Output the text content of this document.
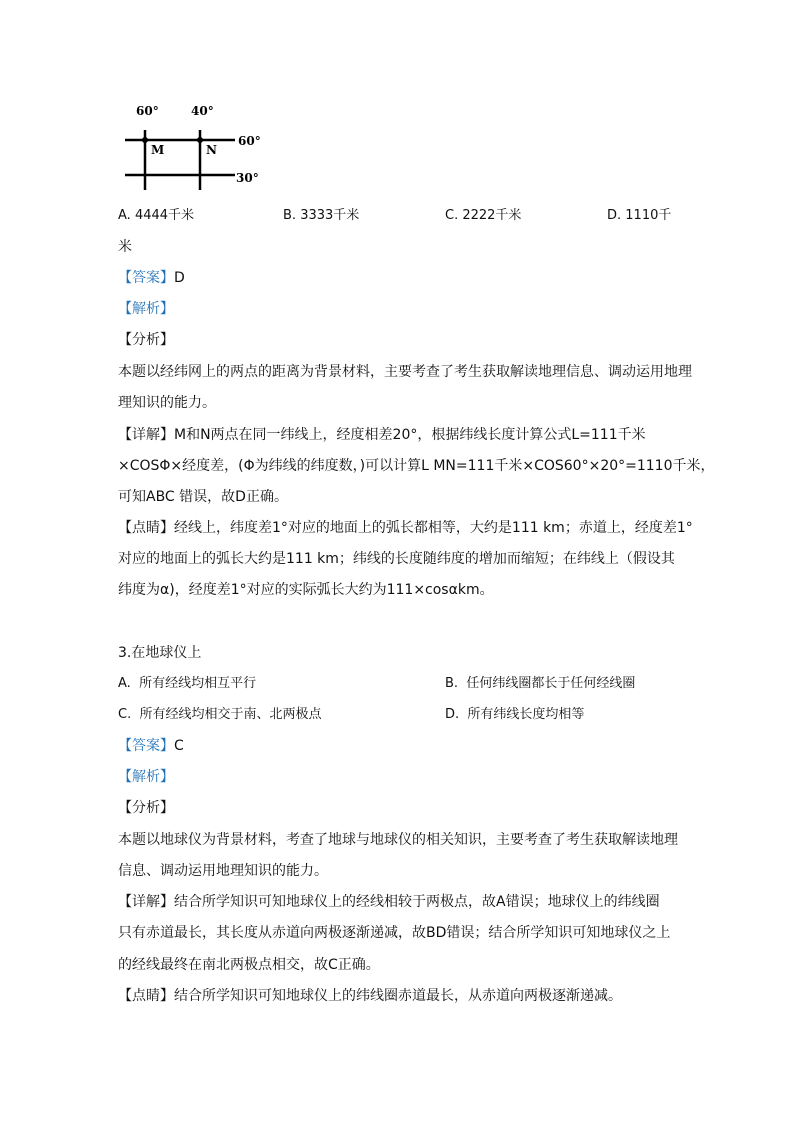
60°	40°
M	N
60°
30°
A. 4444千米	B. 3333千米	C. 2222千米	D. 1110千
米
【答案】D
【解析】
【分析】
本题以经纬网上的两点的距离为背景材料，主要考查了考生获取解读地理信息、调动运用地理
理知识的能力。
【详解】M和N两点在同一纬线上，经度相差20°，根据纬线长度计算公式L=111千米
×COSΦ×经度差，(Φ为纬线的纬度数，)可以计算L MN=111千米×COS60°×20°=1110千米，
可知ABC 错误，故D正确。
【点睛】经线上，纬度差1°对应的地面上的弧长都相等，大约是111 km；赤道上，经度差1°
对应的地面上的弧长大约是111 km；纬线的长度随纬度的增加而缩短；在纬线上（假设其
纬度为α)，经度差1°对应的实际弧长大约为111×cosαkm。
3.在地球仪上
A. 所有经线均相互平行	B. 任何纬线圈都长于任何经线圈
C. 所有经线均相交于南、北两极点	D. 所有纬线长度均相等
【答案】C
【解析】
【分析】
本题以地球仪为背景材料，考查了地球与地球仪的相关知识，主要考查了考生获取解读地理
信息、调动运用地理知识的能力。
【详解】结合所学知识可知地球仪上的经线相较于两极点，故A错误；地球仪上的纬线圈
只有赤道最长，其长度从赤道向两极逐渐递减，故BD错误；结合所学知识可知地球仪之上
的经线最终在南北两极点相交，故C正确。
【点睛】结合所学知识可知地球仪上的纬线圈赤道最长，从赤道向两极逐渐递减。
